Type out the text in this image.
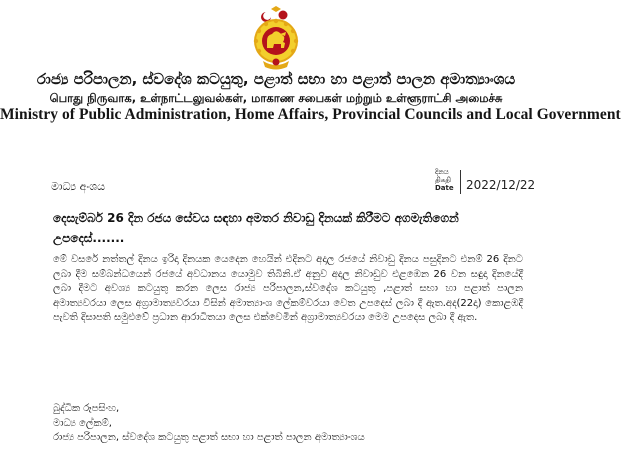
රාජ්‍ය පරිපාලන, ස්වදේශ කටයුතු, පළාත් සභා හා පළාත් පාලන අමාත්‍යාංශය
பொது நிருவாக, உள்நாட்டலுவல்கள், மாகாண சபைகள் மற்றும் உள்ளூராட்சி அமைச்சு
Ministry of Public Administration, Home Affairs, Provincial Councils and Local Government
මාධ්‍ය අංශය
දිනය
திகதி
Date 2022/12/22
දෙසැම්බර් 26 දින රජය සේවය සඳහා අමතර නිවාඩු දිනයක් කිරීමට අගමැතිගෙන් උපදෙස්.......
මේ වසරේ නත්තල් දිනය ඉරිදා දිනයක යෙදෙන හෙයින් එදිනට අදාල රජයේ නිවාඩු දිනය පසුදිනට එනම් 26 දිනට ලබා දීම සම්බන්ධයෙන් රජයේ අවධානය යොමුව තිබිනි.ඒ අනුව අදාල නිවාඩුව එළඹෙන 26 වන සඳුදා දිනයේදී ලබා දීමට අවශ්‍ය කටයුතු කරන ලෙස රාජ්‍ය පරිපාලන,ස්වදේශ කටයුතු ,පළාත් සභා හා පළාත් පාලන අමාත්‍යවරයා ලෙස අග්‍රාමාත්‍යවරයා විසින් අමාත්‍යාංශ ලේකම්වරයා වෙත උපදෙස් ලබා දී ඇත.අද(22දා) කොළඹදී පැවති දිසාපති සමුළුවේ ප්‍රධාන ආරාධිතයා ලෙස එක්වෙමින් අග්‍රාමාත්‍යවරයා මෙම උපදෙස ලබා දී ඇත.
බුද්ධික රූපසිංහ,
මාධ්‍ය ලේකම්,
රාජ්‍ය පරිපාලන, ස්වදේශ කටයුතු පළාත් සභා හා පළාත් පාලන අමාත්‍යාංශය
